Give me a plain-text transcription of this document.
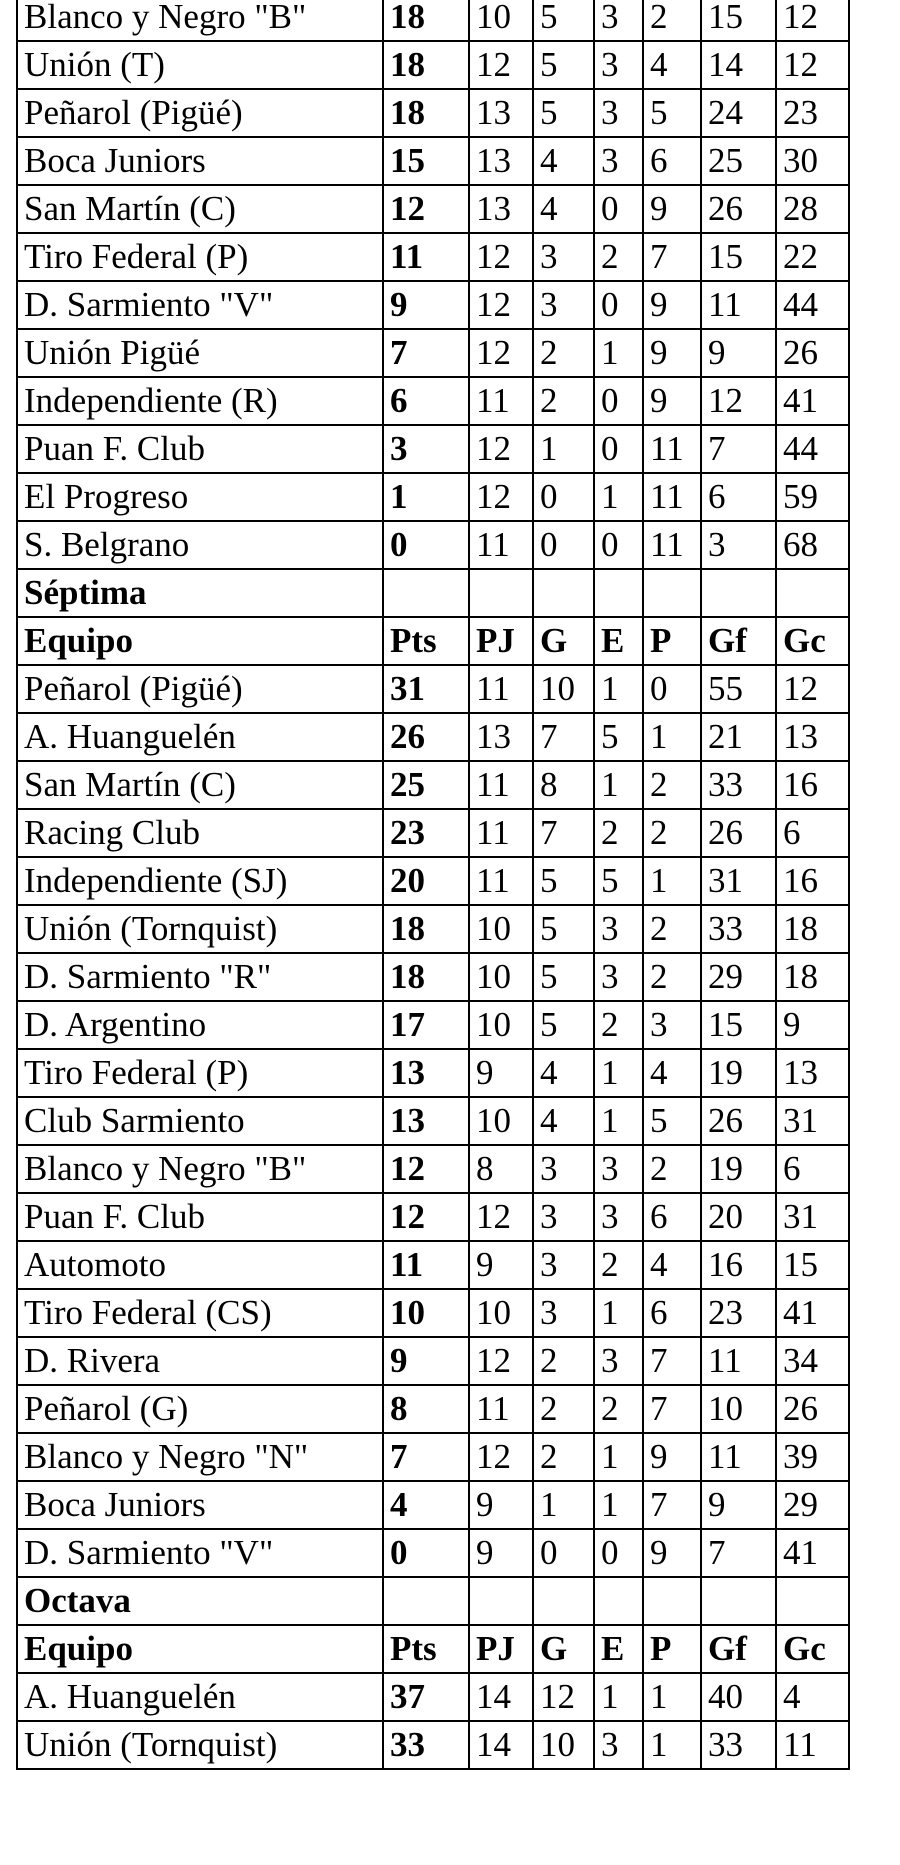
Blanco y Negro "B"	18	10	5	3	2	15	12
Unión (T)	18	12	5	3	4	14	12
Peñarol (Pigüé)	18	13	5	3	5	24	23
Boca Juniors	15	13	4	3	6	25	30
San Martín (C)	12	13	4	0	9	26	28
Tiro Federal (P)	11	12	3	2	7	15	22
D. Sarmiento "V"	9	12	3	0	9	11	44
Unión Pigüé	7	12	2	1	9	9	26
Independiente (R)	6	11	2	0	9	12	41
Puan F. Club	3	12	1	0	11	7	44
El Progreso	1	12	0	1	11	6	59
S. Belgrano	0	11	0	0	11	3	68
Séptima							
Equipo	Pts	PJ	G	E	P	Gf	Gc
Peñarol (Pigüé)	31	11	10	1	0	55	12
A. Huanguelén	26	13	7	5	1	21	13
San Martín (C)	25	11	8	1	2	33	16
Racing Club	23	11	7	2	2	26	6
Independiente (SJ)	20	11	5	5	1	31	16
Unión (Tornquist)	18	10	5	3	2	33	18
D. Sarmiento "R"	18	10	5	3	2	29	18
D. Argentino	17	10	5	2	3	15	9
Tiro Federal (P)	13	9	4	1	4	19	13
Club Sarmiento	13	10	4	1	5	26	31
Blanco y Negro "B"	12	8	3	3	2	19	6
Puan F. Club	12	12	3	3	6	20	31
Automoto	11	9	3	2	4	16	15
Tiro Federal (CS)	10	10	3	1	6	23	41
D. Rivera	9	12	2	3	7	11	34
Peñarol (G)	8	11	2	2	7	10	26
Blanco y Negro "N"	7	12	2	1	9	11	39
Boca Juniors	4	9	1	1	7	9	29
D. Sarmiento "V"	0	9	0	0	9	7	41
Octava							
Equipo	Pts	PJ	G	E	P	Gf	Gc
A. Huanguelén	37	14	12	1	1	40	4
Unión (Tornquist)	33	14	10	3	1	33	11
